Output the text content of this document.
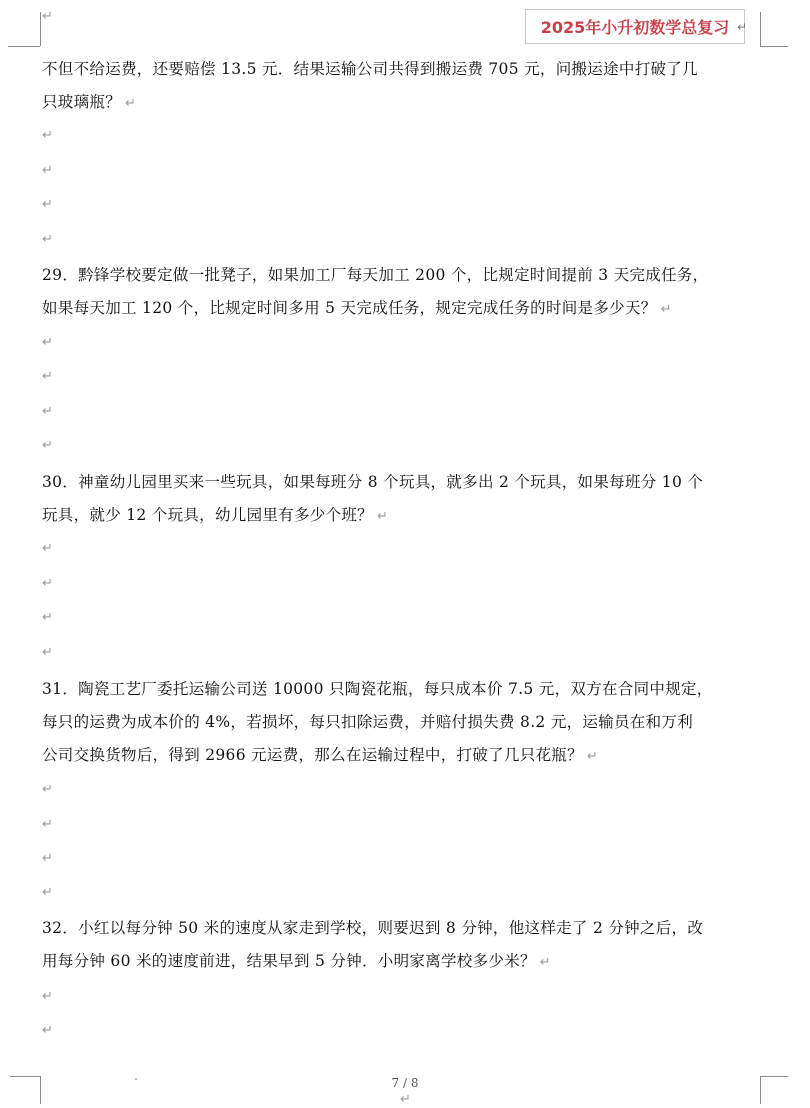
↵
2025年小升初数学总复习 ↵
不但不给运费，还要赔偿 13.5 元．结果运输公司共得到搬运费 705 元，问搬运途中打破了几
只玻璃瓶？ ↵
↵
↵
↵
↵
29．黔锋学校要定做一批凳子，如果加工厂每天加工 200 个，比规定时间提前 3 天完成任务，
如果每天加工 120 个，比规定时间多用 5 天完成任务，规定完成任务的时间是多少天？ ↵
↵
↵
↵
↵
30．神童幼儿园里买来一些玩具，如果每班分 8 个玩具，就多出 2 个玩具，如果每班分 10 个
玩具，就少 12 个玩具，幼儿园里有多少个班？ ↵
↵
↵
↵
↵
31．陶瓷工艺厂委托运输公司送 10000 只陶瓷花瓶，每只成本价 7.5 元，双方在合同中规定，
每只的运费为成本价的 4%，若损坏，每只扣除运费，并赔付损失费 8.2 元，运输员在和万利
公司交换货物后，得到 2966 元运费，那么在运输过程中，打破了几只花瓶？ ↵
↵
↵
↵
↵
32．小红以每分钟 50 米的速度从家走到学校，则要迟到 8 分钟，他这样走了 2 分钟之后，改
用每分钟 60 米的速度前进，结果早到 5 分钟．小明家离学校多少米？ ↵
↵
↵
7 / 8
↵
